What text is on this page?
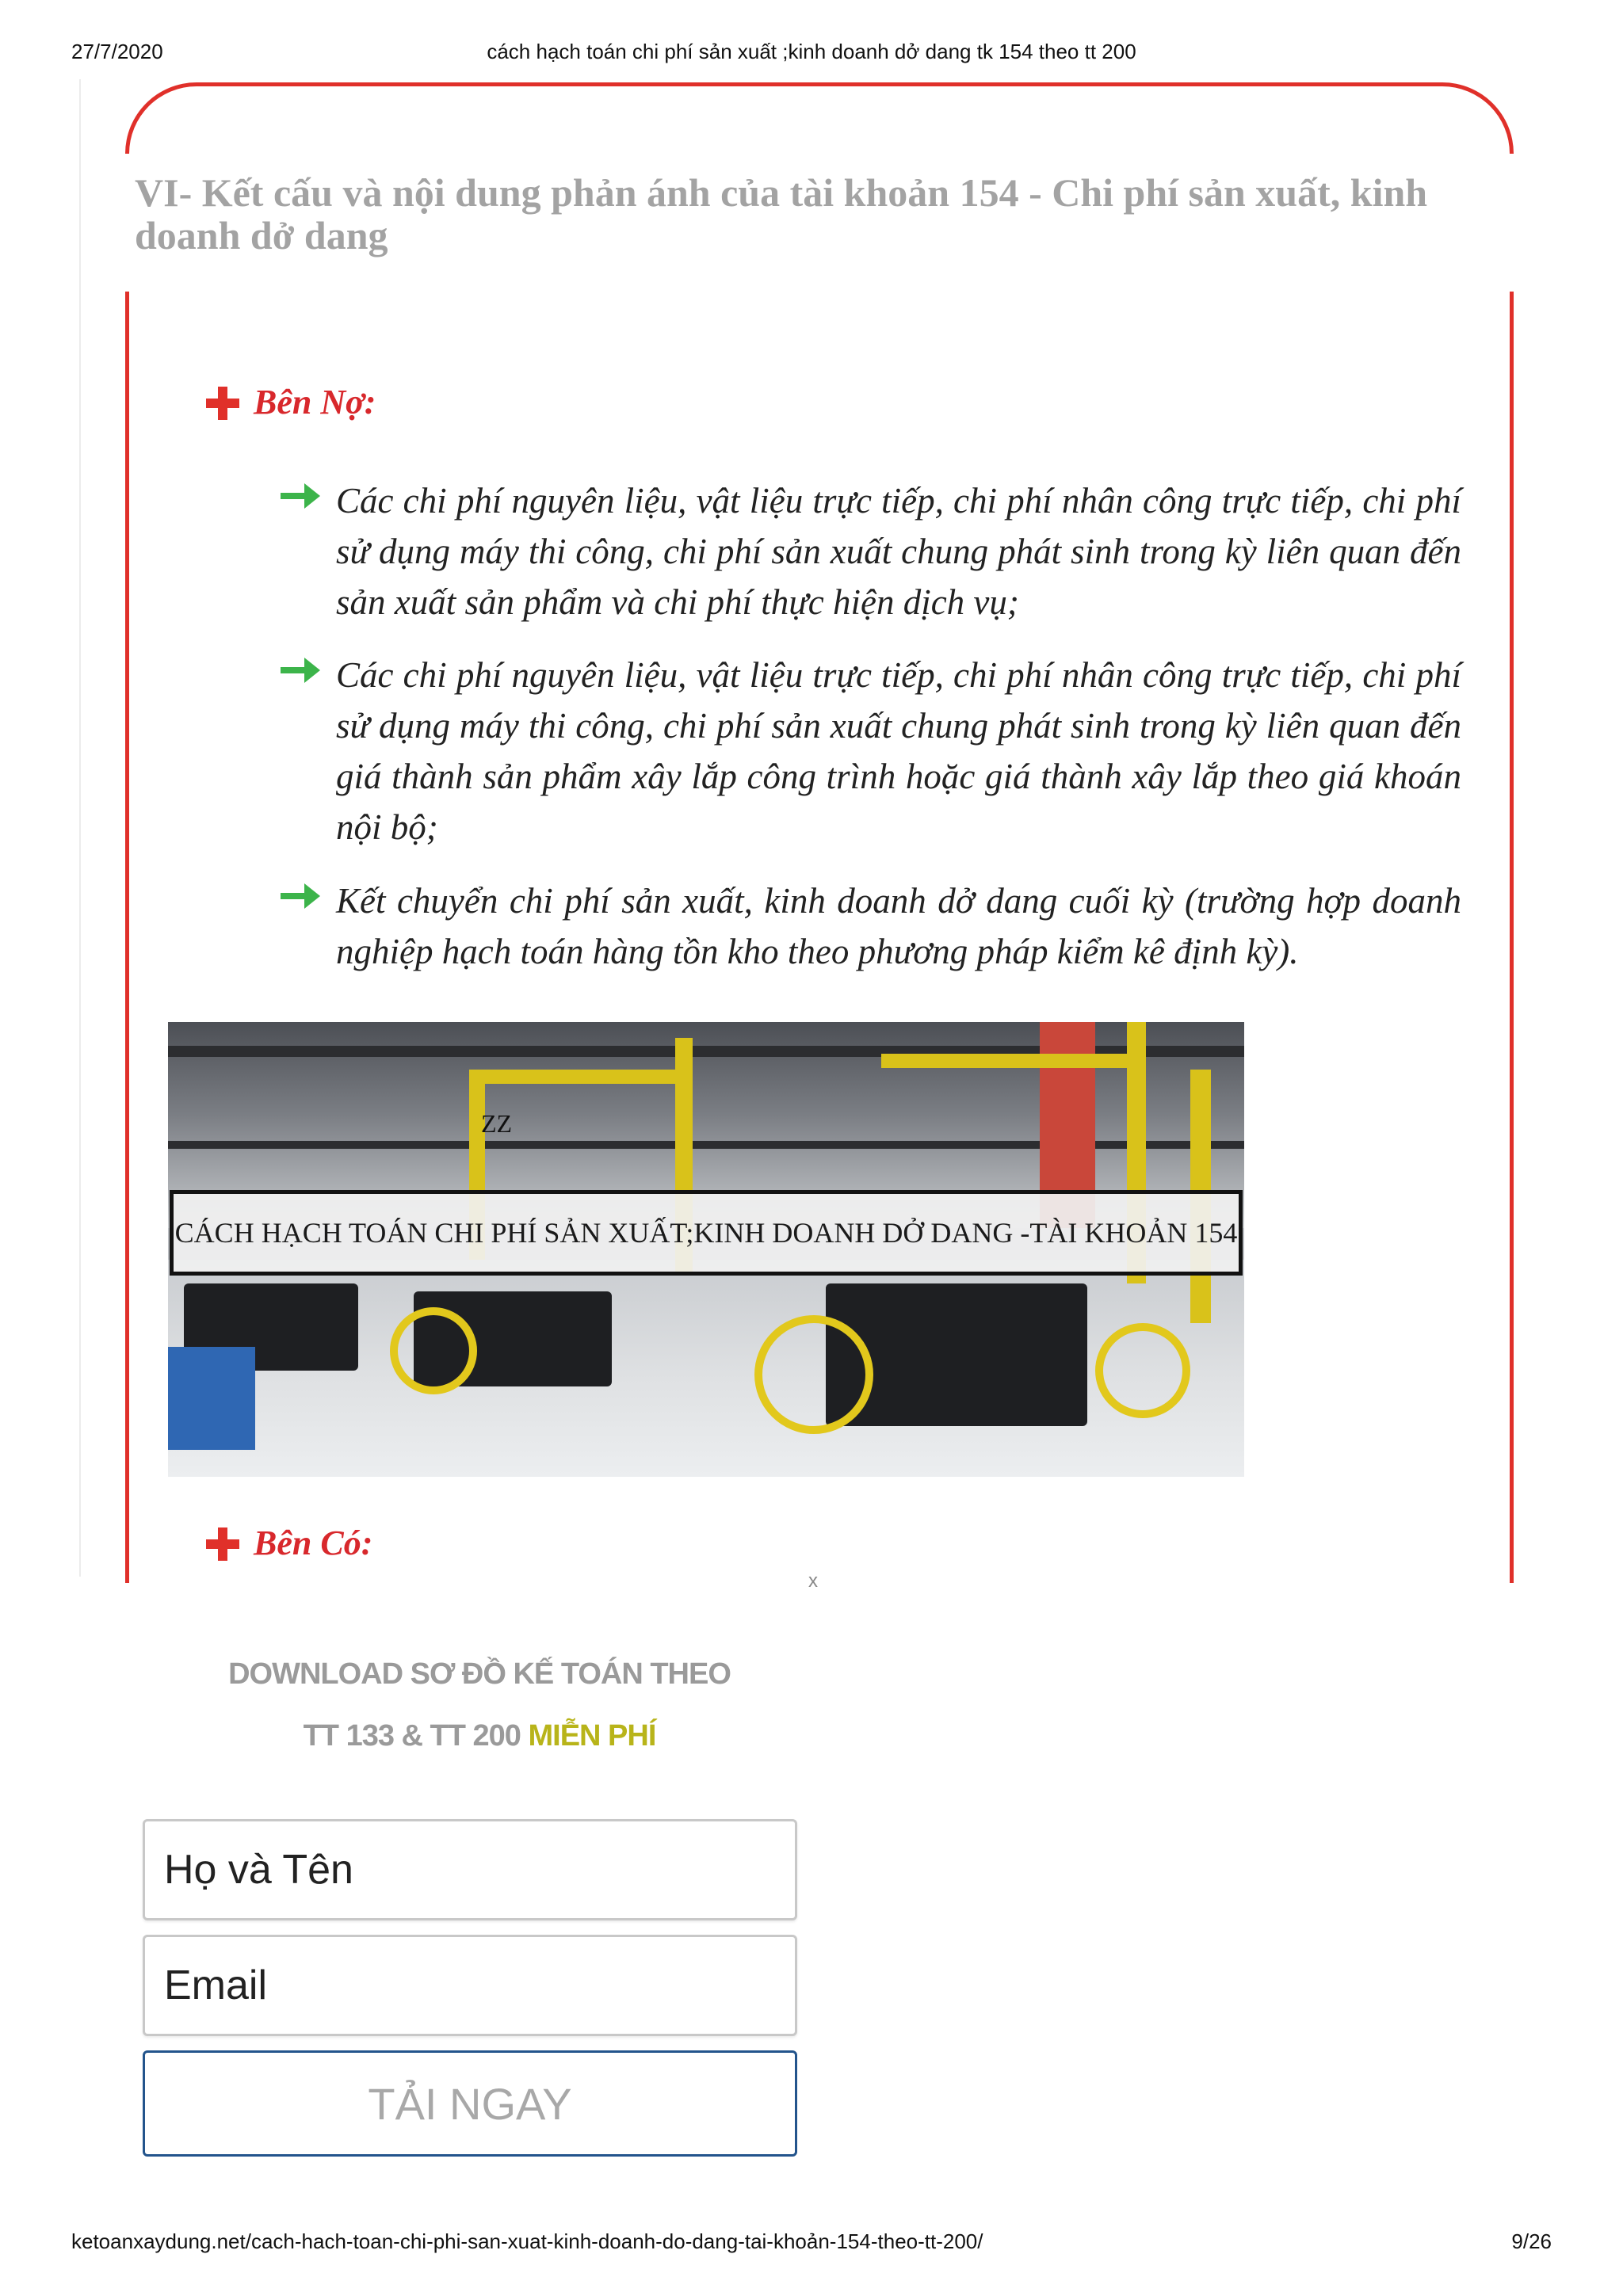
cách hạch toán chi phí sản xuất ;kinh doanh dở dang tk 154 theo tt 200
27/7/2020
VI- Kết cấu và nội dung phản ánh của tài khoản 154 - Chi phí sản xuất, kinh doanh dở dang
Bên Nợ:
Các chi phí nguyên liệu, vật liệu trực tiếp, chi phí nhân công trực tiếp, chi phí sử dụng máy thi công, chi phí sản xuất chung phát sinh trong kỳ liên quan đến sản xuất sản phẩm và chi phí thực hiện dịch vụ;
Các chi phí nguyên liệu, vật liệu trực tiếp, chi phí nhân công trực tiếp, chi phí sử dụng máy thi công, chi phí sản xuất chung phát sinh trong kỳ liên quan đến giá thành sản phẩm xây lắp công trình hoặc giá thành xây lắp theo giá khoán nội bộ;
Kết chuyển chi phí sản xuất, kinh doanh dở dang cuối kỳ (trường hợp doanh nghiệp hạch toán hàng tồn kho theo phương pháp kiểm kê định kỳ).
ZZ
CÁCH HẠCH TOÁN CHI PHÍ SẢN XUẤT;KINH DOANH DỞ DANG -TÀI KHOẢN 154
Bên Có:
x
DOWNLOAD SƠ ĐỒ KẾ TOÁN THEO
TT 133 & TT 200 MIỄN PHÍ
Họ và Tên
Email
TẢI NGAY
ketoanxaydung.net/cach-hach-toan-chi-phi-san-xuat-kinh-doanh-do-dang-tai-khoản-154-theo-tt-200/	9/26
